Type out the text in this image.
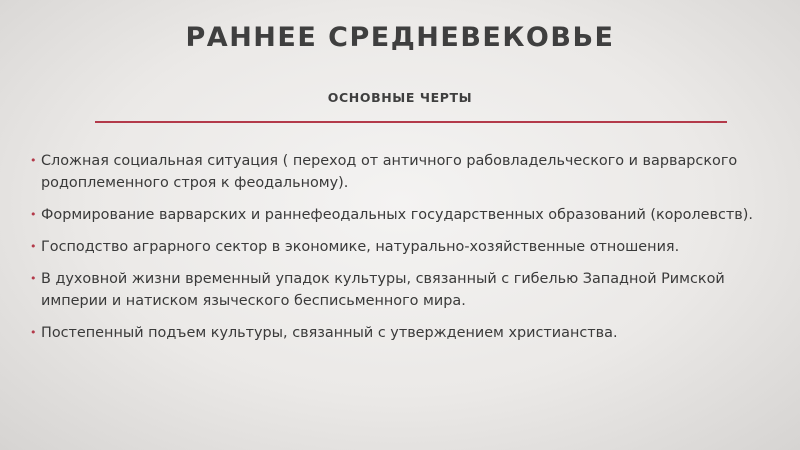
РАННЕЕ СРЕДНЕВЕКОВЬЕ
ОСНОВНЫЕ ЧЕРТЫ
• Сложная социальная ситуация ( переход от античного рабовладельческого и варварского родоплеменного строя к феодальному).
• Формирование варварских и раннефеодальных государственных образований (королевств).
• Господство аграрного сектор в экономике, натурально-хозяйственные отношения.
• В духовной жизни временный упадок культуры, связанный с гибелью Западной Римской империи и натиском языческого бесписьменного мира.
• Постепенный подъем культуры, связанный с утверждением христианства.
